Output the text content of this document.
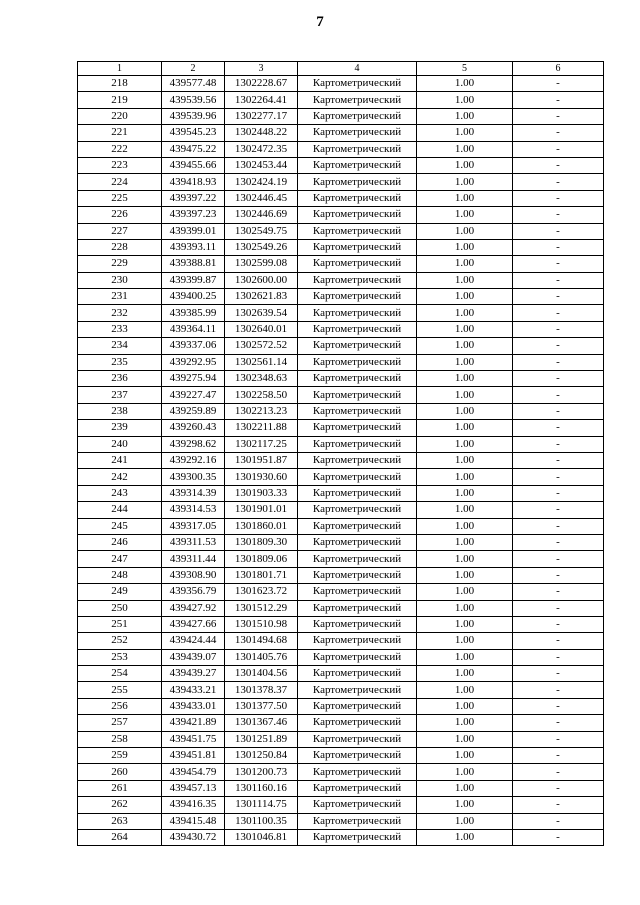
7
1	2	3	4	5	6
218	439577.48	1302228.67	Картометрический	1.00	-
219	439539.56	1302264.41	Картометрический	1.00	-
220	439539.96	1302277.17	Картометрический	1.00	-
221	439545.23	1302448.22	Картометрический	1.00	-
222	439475.22	1302472.35	Картометрический	1.00	-
223	439455.66	1302453.44	Картометрический	1.00	-
224	439418.93	1302424.19	Картометрический	1.00	-
225	439397.22	1302446.45	Картометрический	1.00	-
226	439397.23	1302446.69	Картометрический	1.00	-
227	439399.01	1302549.75	Картометрический	1.00	-
228	439393.11	1302549.26	Картометрический	1.00	-
229	439388.81	1302599.08	Картометрический	1.00	-
230	439399.87	1302600.00	Картометрический	1.00	-
231	439400.25	1302621.83	Картометрический	1.00	-
232	439385.99	1302639.54	Картометрический	1.00	-
233	439364.11	1302640.01	Картометрический	1.00	-
234	439337.06	1302572.52	Картометрический	1.00	-
235	439292.95	1302561.14	Картометрический	1.00	-
236	439275.94	1302348.63	Картометрический	1.00	-
237	439227.47	1302258.50	Картометрический	1.00	-
238	439259.89	1302213.23	Картометрический	1.00	-
239	439260.43	1302211.88	Картометрический	1.00	-
240	439298.62	1302117.25	Картометрический	1.00	-
241	439292.16	1301951.87	Картометрический	1.00	-
242	439300.35	1301930.60	Картометрический	1.00	-
243	439314.39	1301903.33	Картометрический	1.00	-
244	439314.53	1301901.01	Картометрический	1.00	-
245	439317.05	1301860.01	Картометрический	1.00	-
246	439311.53	1301809.30	Картометрический	1.00	-
247	439311.44	1301809.06	Картометрический	1.00	-
248	439308.90	1301801.71	Картометрический	1.00	-
249	439356.79	1301623.72	Картометрический	1.00	-
250	439427.92	1301512.29	Картометрический	1.00	-
251	439427.66	1301510.98	Картометрический	1.00	-
252	439424.44	1301494.68	Картометрический	1.00	-
253	439439.07	1301405.76	Картометрический	1.00	-
254	439439.27	1301404.56	Картометрический	1.00	-
255	439433.21	1301378.37	Картометрический	1.00	-
256	439433.01	1301377.50	Картометрический	1.00	-
257	439421.89	1301367.46	Картометрический	1.00	-
258	439451.75	1301251.89	Картометрический	1.00	-
259	439451.81	1301250.84	Картометрический	1.00	-
260	439454.79	1301200.73	Картометрический	1.00	-
261	439457.13	1301160.16	Картометрический	1.00	-
262	439416.35	1301114.75	Картометрический	1.00	-
263	439415.48	1301100.35	Картометрический	1.00	-
264	439430.72	1301046.81	Картометрический	1.00	-
